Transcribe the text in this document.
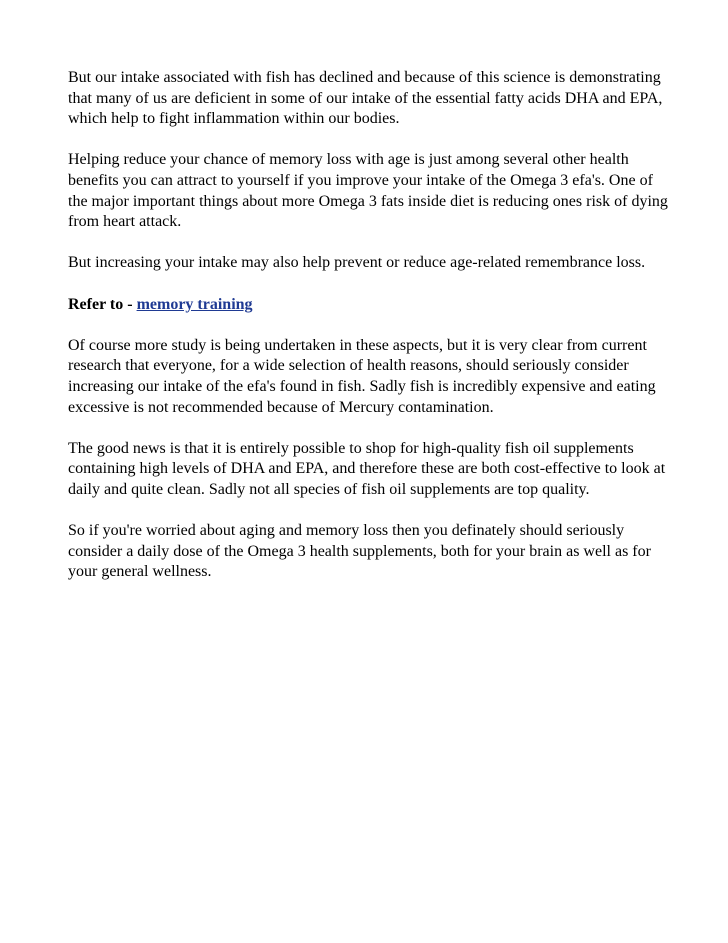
But our intake associated with fish has declined and because of this science is demonstrating that many of us are deficient in some of our intake of the essential fatty acids DHA and EPA, which help to fight inflammation within our bodies.

Helping reduce your chance of memory loss with age is just among several other health benefits you can attract to yourself if you improve your intake of the Omega 3 efa's. One of the major important things about more Omega 3 fats inside diet is reducing ones risk of dying from heart attack.

But increasing your intake may also help prevent or reduce age-related remembrance loss.

Refer to - memory training

Of course more study is being undertaken in these aspects, but it is very clear from current research that everyone, for a wide selection of health reasons, should seriously consider increasing our intake of the efa's found in fish. Sadly fish is incredibly expensive and eating excessive is not recommended because of Mercury contamination.

The good news is that it is entirely possible to shop for high-quality fish oil supplements containing high levels of DHA and EPA, and therefore these are both cost-effective to look at daily and quite clean. Sadly not all species of fish oil supplements are top quality.

So if you're worried about aging and memory loss then you definately should seriously consider a daily dose of the Omega 3 health supplements, both for your brain as well as for your general wellness.
